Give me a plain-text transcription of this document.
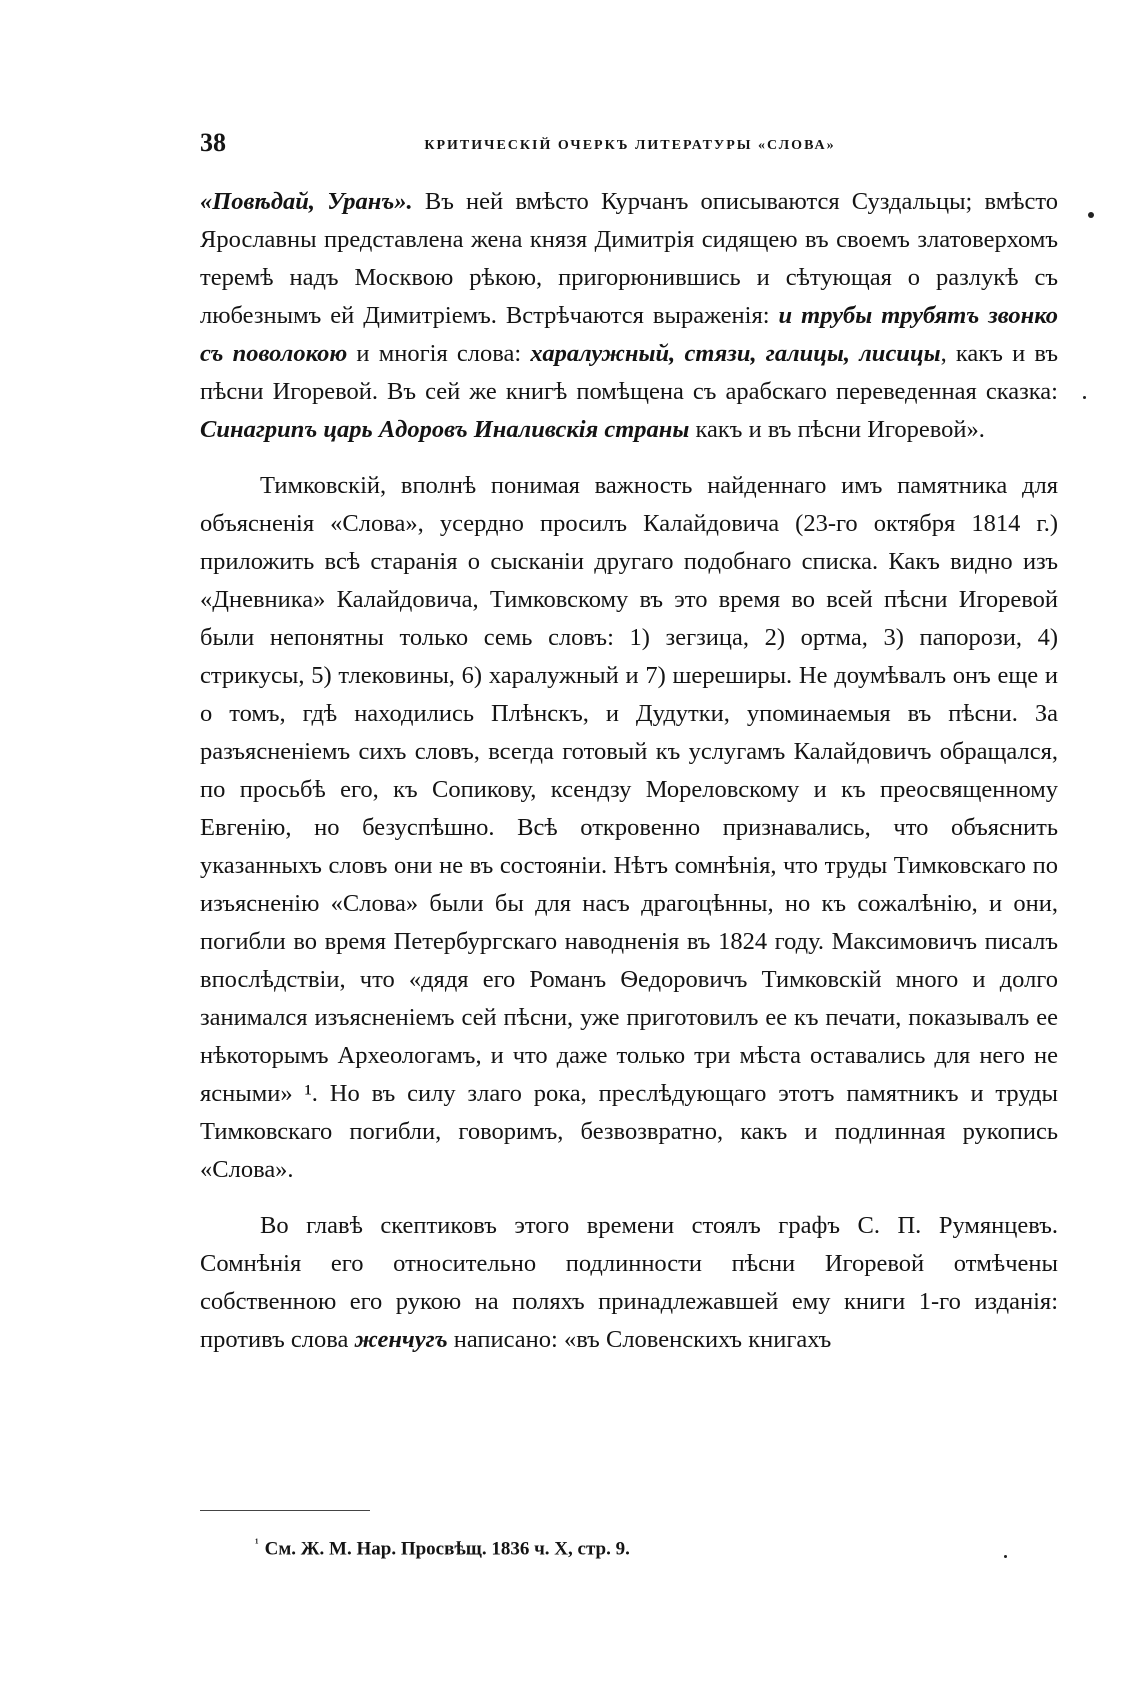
38	КРИТИЧЕСКІЙ ОЧЕРКЪ ЛИТЕРАТУРЫ «СЛОВА»

«Повѣдай, Уранъ». Въ ней вмѣсто Курчанъ описываются Суздальцы; вмѣсто Ярославны представлена жена князя Димитрія сидящею въ своемъ златоверхомъ теремѣ надъ Москвою рѣкою, пригорюнившись и сѣтующая о разлукѣ съ любезнымъ ей Димитріемъ. Встрѣчаются выраженія: и трубы трубятъ звонко съ поволокою и многія слова: харалужный, стязи, галицы, лисицы, какъ и въ пѣсни Игоревой. Въ сей же книгѣ помѣщена съ арабскаго переведенная сказка: Синагрипъ царь Адоровъ Иналивскія страны какъ и въ пѣсни Игоревой».

Тимковскій, вполнѣ понимая важность найденнаго имъ памятника для объясненія «Слова», усердно просилъ Калайдовича (23-го октября 1814 г.) приложить всѣ старанія о сысканіи другаго подобнаго списка. Какъ видно изъ «Дневника» Калайдовича, Тимковскому въ это время во всей пѣсни Игоревой были непонятны только семь словъ: 1) зегзица, 2) ортма, 3) папорози, 4) стрикусы, 5) тлековины, 6) харалужный и 7) шереширы. Не доумѣвалъ онъ еще и о томъ, гдѣ находились Плѣнскъ, и Дудутки, упоминаемыя въ пѣсни. За разъясненіемъ сихъ словъ, всегда готовый къ услугамъ Калайдовичъ обращался, по просьбѣ его, къ Сопикову, ксендзу Мореловскому и къ преосвященному Евгенію, но безуспѣшно. Всѣ откровенно признавались, что объяснить указанныхъ словъ они не въ состояніи. Нѣтъ сомнѣнія, что труды Тимковскаго по изъясненію «Слова» были бы для насъ драгоцѣнны, но къ сожалѣнію, и они, погибли во время Петербургскаго наводненія въ 1824 году. Максимовичъ писалъ впослѣдствіи, что «дядя его Романъ Ѳедоровичъ Тимковскій много и долго занимался изъясненіемъ сей пѣсни, уже приготовилъ ее къ печати, показывалъ ее нѣкоторымъ Археологамъ, и что даже только три мѣста оставались для него не ясными» ¹. Но въ силу злаго рока, преслѣдующаго этотъ памятникъ и труды Тимковскаго погибли, говоримъ, безвозвратно, какъ и подлинная рукопись «Слова».

Во главѣ скептиковъ этого времени стоялъ графъ С. П. Румянцевъ. Сомнѣнія его относительно подлинности пѣсни Игоревой отмѣчены собственною его рукою на поляхъ принадлежавшей ему книги 1-го изданія: противъ слова женчугъ написано: «въ Словенскихъ книгахъ

$^{^1}$ См. Ж. М. Нар. Просвѣщ. 1836 ч. X, стр. 9.
